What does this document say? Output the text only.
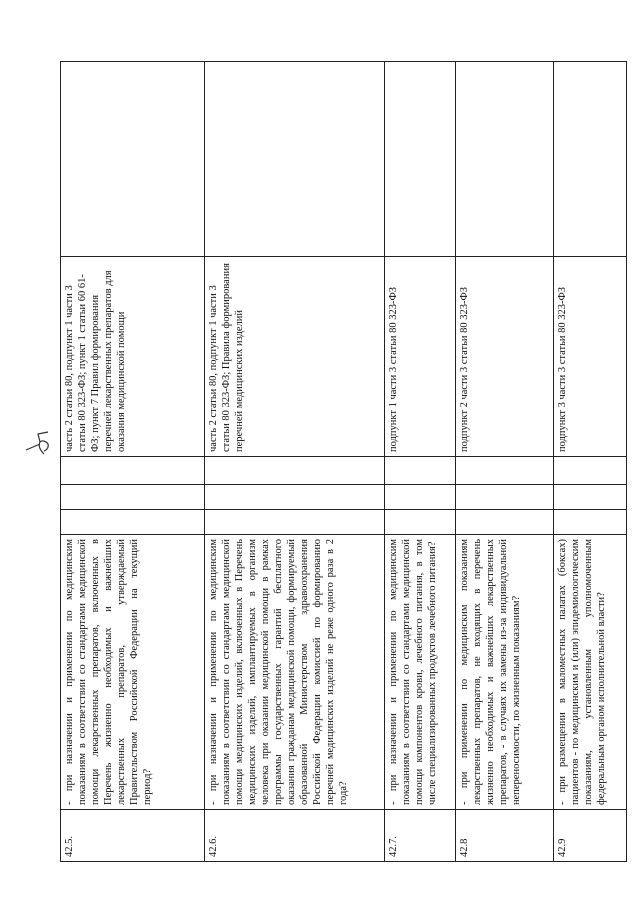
42.5.	- при назначении и применении по медицинским показаниям в соответствии со стандартами медицинской помощи лекарственных препаратов, включенных в Перечень жизненно необходимых и важнейших лекарственных препаратов, утверждаемый Правительством Российской Федерации на текущий период?				часть 2 статьи 80, подпункт 1 части 3 статьи 80 323-ФЗ; пункт 1 статьи 60 61-ФЗ; пункт 7 Правил формирования перечней лекарственных препаратов для оказания медицинской помощи	
42.6.	- при назначении и применении по медицинским показаниям в соответствии со стандартами медицинской помощи медицинских изделий, включенных в Перечень медицинских изделий, имплантируемых в организм человека при оказании медицинской помощи в рамках программы государственных гарантий бесплатного оказания гражданам медицинской помощи, формируемый образованной Министерством здравоохранения Российской Федерации комиссией по формированию перечней медицинских изделий не реже одного раза в 2 года?				часть 2 статьи 80, подпункт 1 части 3 статьи 80 323-ФЗ; Правила формирования перечней медицинских изделий	
42.7.	- при назначении и применении по медицинским показаниям в соответствии со стандартами медицинской помощи компонентов крови, лечебного питания, в том числе специализированных продуктов лечебного питания?				подпункт 1 части 3 статьи 80 323-ФЗ	
42.8	- при применении по медицинским показаниям лекарственных препаратов, не входящих в перечень жизненно необходимых и важнейших лекарственных препаратов, - в случаях их замены из-за индивидуальной непереносимости, по жизненным показаниям?				подпункт 2 части 3 статьи 80 323-ФЗ	
42.9	- при размещении в маломестных палатах (боксах) пациентов - по медицинским и (или) эпидемиологическим показаниям, установленным уполномоченным федеральным органом исполнительной власти?				подпункт 3 части 3 статьи 80 323-ФЗ	
